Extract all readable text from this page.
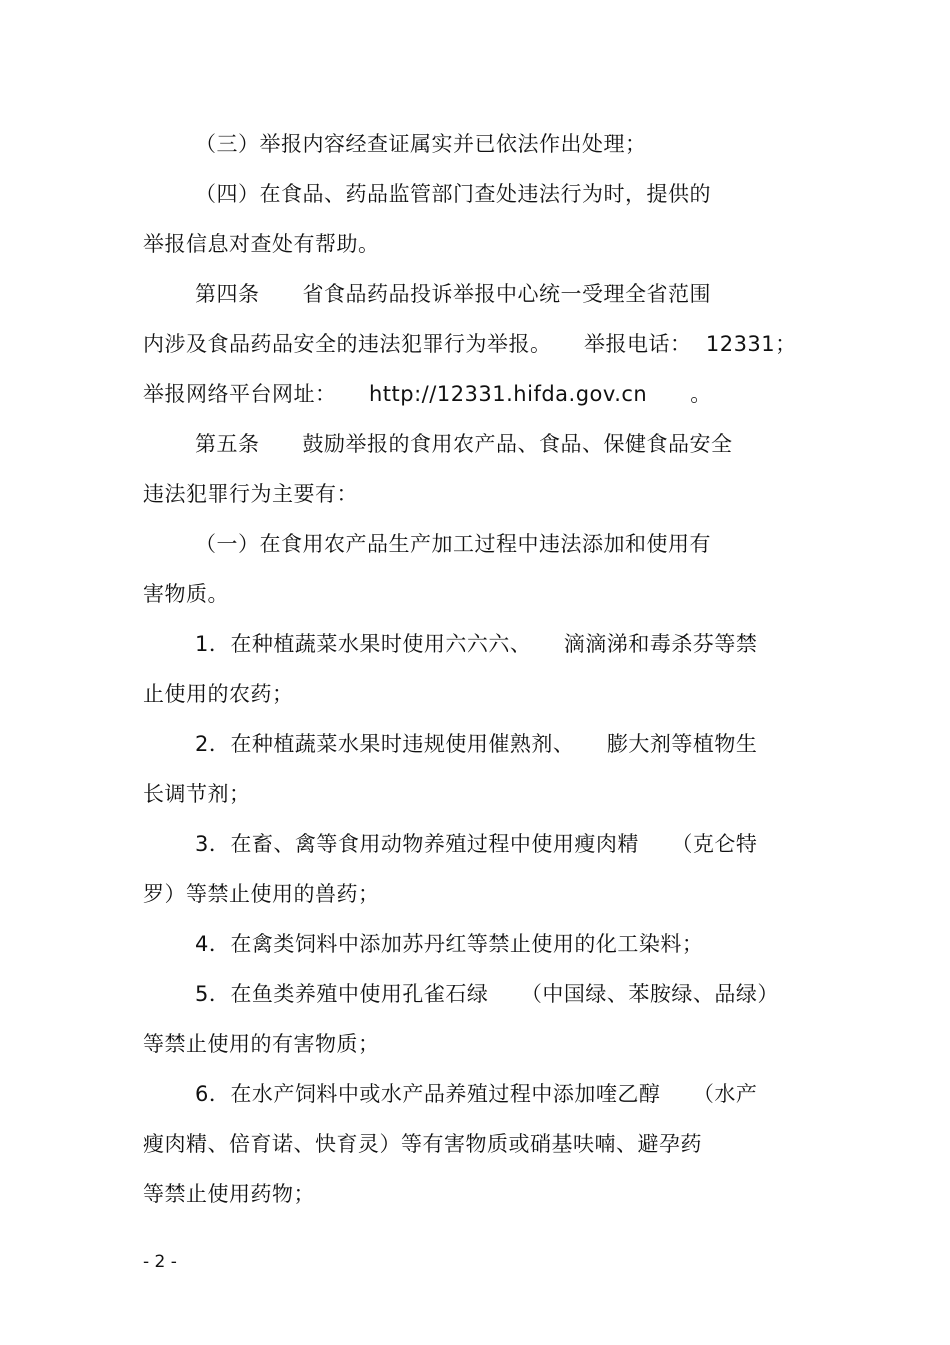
（三）举报内容经查证属实并已依法作出处理；
（四）在食品、药品监管部门查处违法行为时，提供的
举报信息对查处有帮助。
第四条　　省食品药品投诉举报中心统一受理全省范围
内涉及食品药品安全的违法犯罪行为举报。　　举报电话：  12331；
举报网络平台网址：　　http://12331.hifda.gov.cn　　。
第五条　　鼓励举报的食用农产品、食品、保健食品安全
违法犯罪行为主要有：
（一）在食用农产品生产加工过程中违法添加和使用有
害物质。
1．在种植蔬菜水果时使用六六六、　　滴滴涕和毒杀芬等禁
止使用的农药；
2．在种植蔬菜水果时违规使用催熟剂、　　膨大剂等植物生
长调节剂；
3．在畜、禽等食用动物养殖过程中使用瘦肉精　　（克仑特
罗）等禁止使用的兽药；
4．在禽类饲料中添加苏丹红等禁止使用的化工染料；
5．在鱼类养殖中使用孔雀石绿　　（中国绿、苯胺绿、品绿）
等禁止使用的有害物质；
6．在水产饲料中或水产品养殖过程中添加喹乙醇　　（水产
瘦肉精、倍育诺、快育灵）等有害物质或硝基呋喃、避孕药
等禁止使用药物；
- 2 -
